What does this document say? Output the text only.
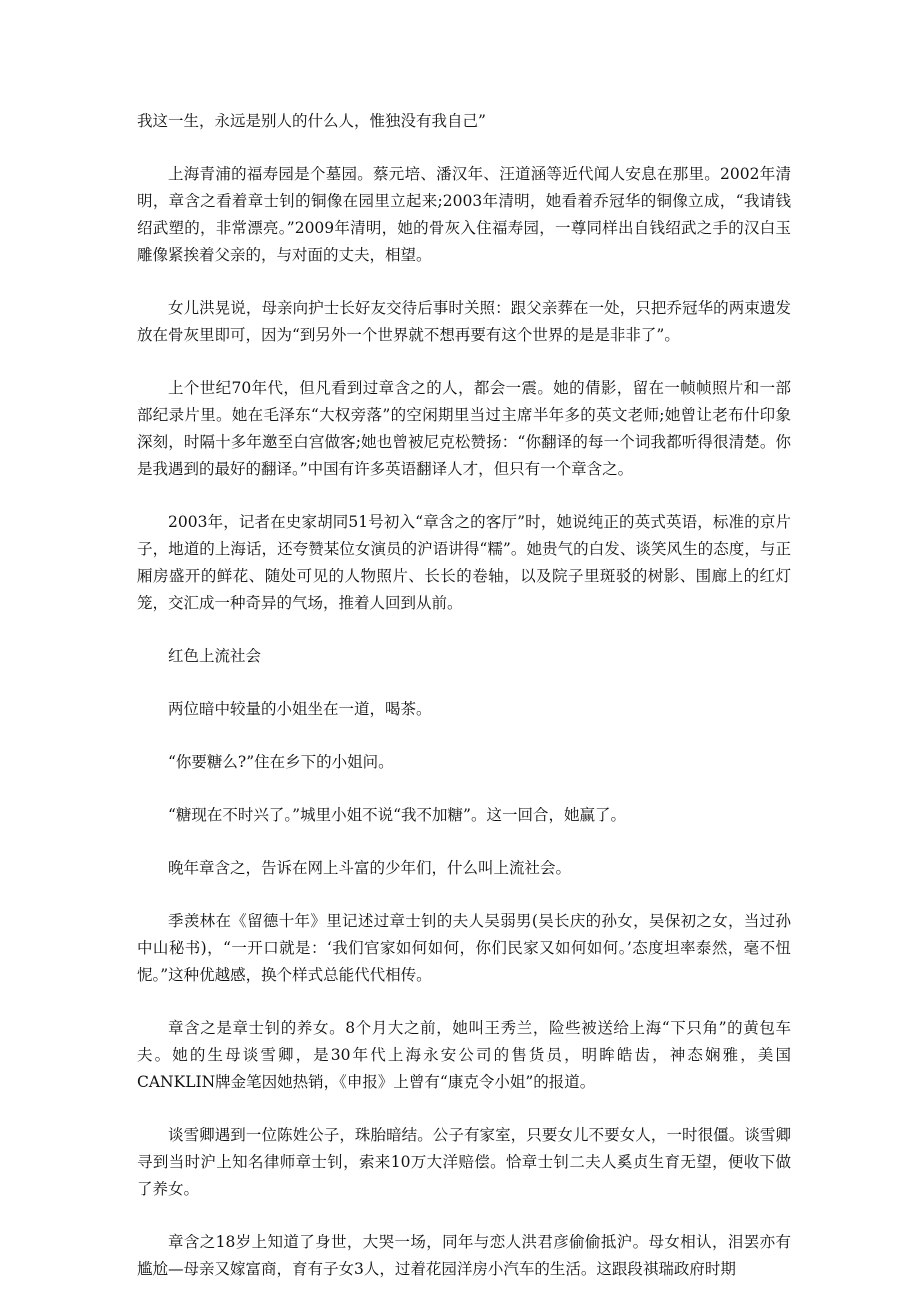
我这一生，永远是别人的什么人，惟独没有我自己”

上海青浦的福寿园是个墓园。蔡元培、潘汉年、汪道涵等近代闻人安息在那里。2002年清明，章含之看着章士钊的铜像在园里立起来;2003年清明，她看着乔冠华的铜像立成，“我请钱绍武塑的，非常漂亮。”2009年清明，她的骨灰入住福寿园，一尊同样出自钱绍武之手的汉白玉雕像紧挨着父亲的，与对面的丈夫，相望。

女儿洪晃说，母亲向护士长好友交待后事时关照：跟父亲葬在一处，只把乔冠华的两束遗发放在骨灰里即可，因为“到另外一个世界就不想再要有这个世界的是是非非了”。

上个世纪70年代，但凡看到过章含之的人，都会一震。她的倩影，留在一帧帧照片和一部部纪录片里。她在毛泽东“大权旁落”的空闲期里当过主席半年多的英文老师;她曾让老布什印象深刻，时隔十多年邀至白宫做客;她也曾被尼克松赞扬：“你翻译的每一个词我都听得很清楚。你是我遇到的最好的翻译。”中国有许多英语翻译人才，但只有一个章含之。

2003年，记者在史家胡同51号初入“章含之的客厅”时，她说纯正的英式英语，标准的京片子，地道的上海话，还夸赞某位女演员的沪语讲得“糯”。她贵气的白发、谈笑风生的态度，与正厢房盛开的鲜花、随处可见的人物照片、长长的卷轴，以及院子里斑驳的树影、围廊上的红灯笼，交汇成一种奇异的气场，推着人回到从前。

红色上流社会

两位暗中较量的小姐坐在一道，喝茶。

“你要糖么?”住在乡下的小姐问。

“糖现在不时兴了。”城里小姐不说“我不加糖”。这一回合，她赢了。

晚年章含之，告诉在网上斗富的少年们，什么叫上流社会。

季羡林在《留德十年》里记述过章士钊的夫人吴弱男(吴长庆的孙女，吴保初之女，当过孙中山秘书)，“一开口就是：‘我们官家如何如何，你们民家又如何如何。’态度坦率泰然，毫不忸怩。”这种优越感，换个样式总能代代相传。

章含之是章士钊的养女。8个月大之前，她叫王秀兰，险些被送给上海“下只角”的黄包车夫。她的生母谈雪卿，是30年代上海永安公司的售货员，明眸皓齿，神态娴雅，美国CANKLIN牌金笔因她热销，《申报》上曾有“康克令小姐”的报道。

谈雪卿遇到一位陈姓公子，珠胎暗结。公子有家室，只要女儿不要女人，一时很僵。谈雪卿寻到当时沪上知名律师章士钊，索来10万大洋赔偿。恰章士钊二夫人奚贞生育无望，便收下做了养女。

章含之18岁上知道了身世，大哭一场，同年与恋人洪君彦偷偷抵沪。母女相认，泪罢亦有尴尬—母亲又嫁富商，育有子女3人，过着花园洋房小汽车的生活。这跟段祺瑞政府时期
